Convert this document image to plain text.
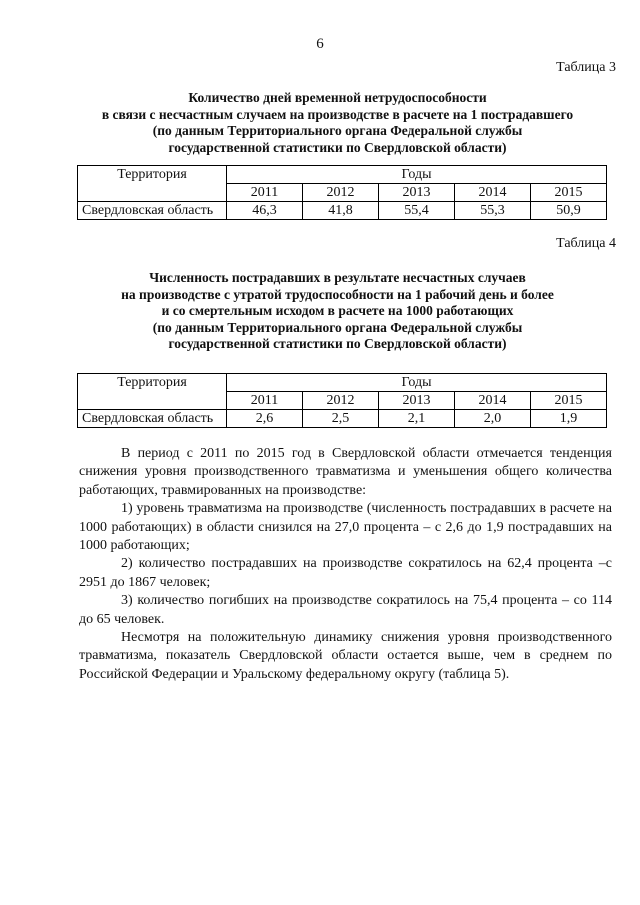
6
Таблица 3
Количество дней временной нетрудоспособности
в связи с несчастным случаем на производстве в расчете на 1 пострадавшего
(по данным Территориального органа Федеральной службы
государственной статистики по Свердловской области)
Территория	Годы				
	2011	2012	2013	2014	2015
Свердловская область	46,3	41,8	55,4	55,3	50,9
Таблица 4
Численность пострадавших в результате несчастных случаев
на производстве с утратой трудоспособности на 1 рабочий день и более
и со смертельным исходом в расчете на 1000 работающих
(по данным Территориального органа Федеральной службы
государственной статистики по Свердловской области)
Территория	Годы				
	2011	2012	2013	2014	2015
Свердловская область	2,6	2,5	2,1	2,0	1,9

В период с 2011 по 2015 год в Свердловской области отмечается тенденция снижения уровня производственного травматизма и уменьшения общего количества работающих, травмированных на производстве:

1) уровень травматизма на производстве (численность пострадавших в расчете на 1000 работающих) в области снизился на 27,0 процента – с 2,6 до 1,9 пострадавших на 1000 работающих;

2) количество пострадавших на производстве сократилось на 62,4 процента –с 2951 до 1867 человек;

3) количество погибших на производстве сократилось на 75,4 процента – со 114 до 65 человек.

Несмотря на положительную динамику снижения уровня производственного травматизма, показатель Свердловской области остается выше, чем в среднем по Российской Федерации и Уральскому федеральному округу (таблица 5).
